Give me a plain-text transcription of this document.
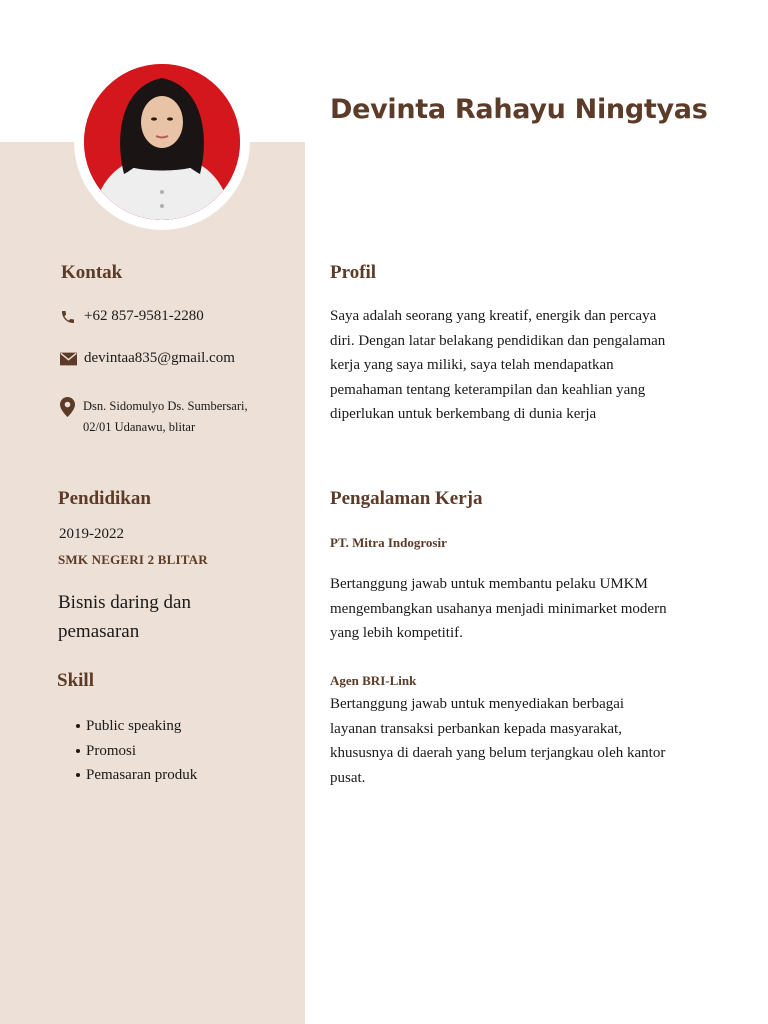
Devinta Rahayu Ningtyas
Kontak
+62 857-9581-2280
devintaa835@gmail.com
Dsn. Sidomulyo Ds. Sumbersari,
02/01 Udanawu, blitar
Pendidikan

2019-2022

SMK NEGERI 2 BLITAR

Bisnis daring dan

pemasaran

Skill
Public speaking
Promosi
Pemasaran produk
Profil
Saya adalah seorang yang kreatif, energik dan percaya
diri. Dengan latar belakang pendidikan dan pengalaman
kerja yang saya miliki, saya telah mendapatkan
pemahaman tentang keterampilan dan keahlian yang
diperlukan untuk berkembang di dunia kerja
Pengalaman Kerja

PT. Mitra Indogrosir

Bertanggung jawab untuk membantu pelaku UMKM
mengembangkan usahanya menjadi minimarket modern
yang lebih kompetitif.

Agen BRI-Link

Bertanggung jawab untuk menyediakan berbagai
layanan transaksi perbankan kepada masyarakat,
khususnya di daerah yang belum terjangkau oleh kantor
pusat.
